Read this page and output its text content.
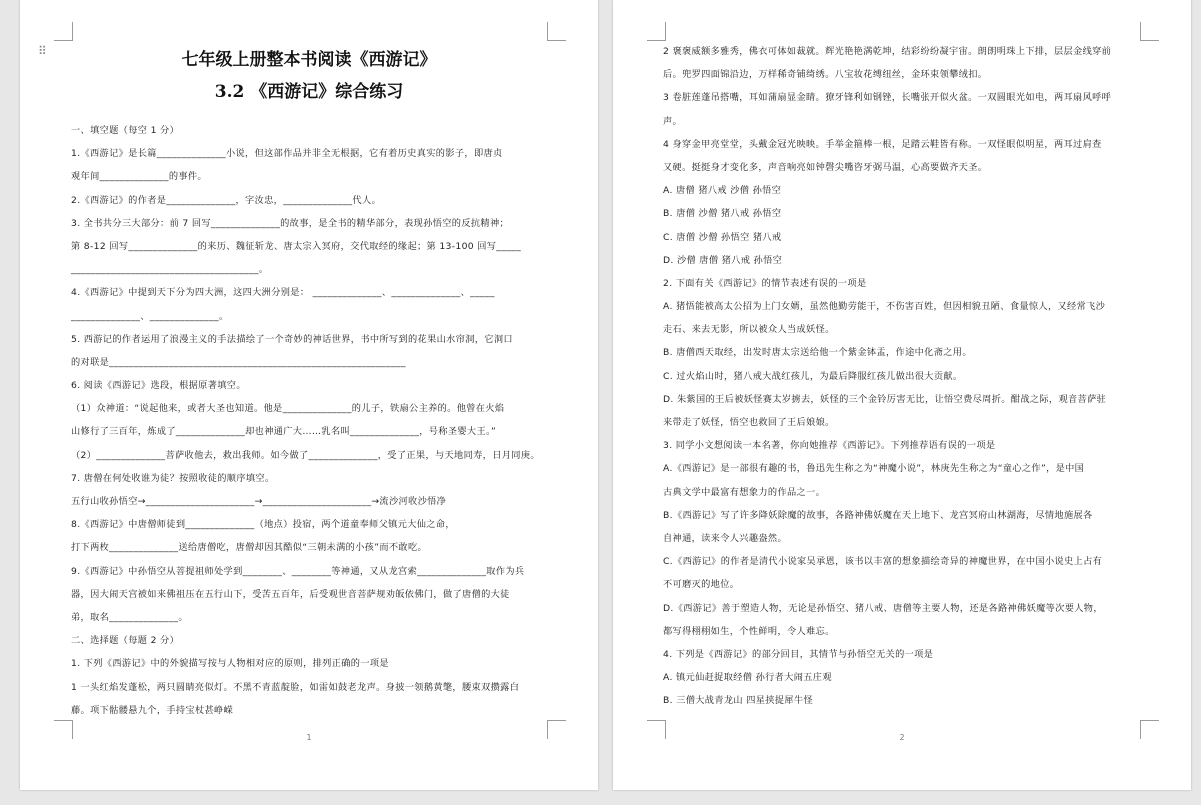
⠿	七年级上册整本书阅读《西游记》
3.2 《西游记》综合练习
一、填空题（每空 1 分）
1.《西游记》是长篇______________小说，但这部作品并非全无根据，它有着历史真实的影子，即唐贞
观年间______________的事件。
2.《西游记》的作者是______________，字汝忠，______________代人。
3. 全书共分三大部分：前 7 回写______________的故事，是全书的精华部分，表现孙悟空的反抗精神；
第 8-12 回写______________的来历、魏征斩龙、唐太宗入冥府，交代取经的缘起；第 13-100 回写_____
______________________________________。
4.《西游记》中提到天下分为四大洲，这四大洲分别是： ______________、______________、_____
______________、______________。
5. 西游记的作者运用了浪漫主义的手法描绘了一个奇妙的神话世界，书中所写到的花果山水帘洞，它洞口
的对联是____________________________________________________________
6. 阅读《西游记》选段，根据原著填空。
（1）众神道：“说起他来，或者大圣也知道。他是______________的儿子，铁扇公主养的。他曾在火焰
山修行了三百年，炼成了______________却也神通广大……乳名叫______________，号称圣婴大王。”
（2）______________菩萨收他去，救出我师。如今做了______________，受了正果，与天地同寿，日月同庚。
7. 唐僧在何处收谁为徒？按照收徒的顺序填空。
五行山收孙悟空→______________________→______________________→流沙河收沙悟净
8.《西游记》中唐僧师徒到______________（地点）投宿，两个道童奉师父镇元大仙之命，
打下两枚______________送给唐僧吃，唐僧却因其酷似“三朝未满的小孩”而不敢吃。
9.《西游记》中孙悟空从菩提祖师处学到________、________等神通，又从龙宫索______________取作为兵
器，因大闹天宫被如来佛祖压在五行山下，受苦五百年，后受观世音菩萨规劝皈依佛门，做了唐僧的大徒
弟，取名______________。
二、选择题（每题 2 分）
1. 下列《西游记》中的外貌描写按与人物相对应的原则，排列正确的一项是
1 一头红焰发蓬松，两只圆睛亮似灯。不黑不青蓝靛脸，如雷如鼓老龙声。身披一领鹅黄氅，腰束双攒露白
藤。项下骷髅悬九个，手持宝杖甚峥嵘
1
2 褒褒威额多雅秀，佛衣可体如裁就。辉光艳艳满乾坤，结彩纷纷凝宇宙。朗朗明珠上下排，层层金线穿前
后。兜罗四面锦沿边，万样稀奇铺绮绣。八宝妆花缚纽丝，金环束领攀绒扣。
3 卷脏莲蓬吊搭嘴，耳如蒲扇显金睛。獠牙锋利如钢锉，长嘴张开似火盆。一双圆眼光如电，两耳扇风呼呼
声。
4 身穿金甲亮堂堂，头戴金冠光映映。手举金箍棒一根，足踏云鞋皆有称。一双怪眼似明星，两耳过肩查
又硬。挺挺身才变化多，声音响亮如钟磬尖嘴咨牙弼马温，心高要做齐天圣。
A. 唐僧 猪八戒 沙僧 孙悟空
B. 唐僧 沙僧 猪八戒 孙悟空
C. 唐僧 沙僧 孙悟空 猪八戒
D. 沙僧 唐僧 猪八戒 孙悟空
2. 下面有关《西游记》的情节表述有误的一项是
A. 猪悟能被高太公招为上门女婿，虽然他勤劳能干，不伤害百姓，但因相貌丑陋、食量惊人，又经常飞沙
走石、来去无影，所以被众人当成妖怪。
B. 唐僧西天取经，出发时唐太宗送给他一个紫金钵盂，作途中化斋之用。
C. 过火焰山时，猪八戒大战红孩儿，为最后降服红孩儿做出很大贡献。
D. 朱紫国的王后被妖怪赛太岁掳去，妖怪的三个金铃厉害无比，让悟空费尽周折。酣战之际，观音菩萨驻
来带走了妖怪，悟空也救回了王后娘娘。
3. 同学小文想阅读一本名著，你向她推荐《西游记》。下列推荐语有误的一项是
A.《西游记》是一部很有趣的书，鲁迅先生称之为“神魔小说”，林庚先生称之为“童心之作”，是中国
古典文学中最富有想象力的作品之一。
B.《西游记》写了许多降妖除魔的故事，各路神佛妖魔在天上地下、龙宫冥府山林湖海，尽情地施展各
自神通，读来令人兴趣盎然。
C.《西游记》的作者是清代小说家吴承恩，该书以丰富的想象描绘奇异的神魔世界，在中国小说史上占有
不可磨灭的地位。
D.《西游记》善于塑造人物，无论是孙悟空、猪八戒、唐僧等主要人物，还是各路神佛妖魔等次要人物，
都写得栩栩如生，个性鲜明，令人难忘。
4. 下列是《西游记》的部分回目，其情节与孙悟空无关的一项是
A. 镇元仙赶捉取经僧 孙行者大闹五庄观
B. 三僧大战青龙山 四星挟捉犀牛怪
2
